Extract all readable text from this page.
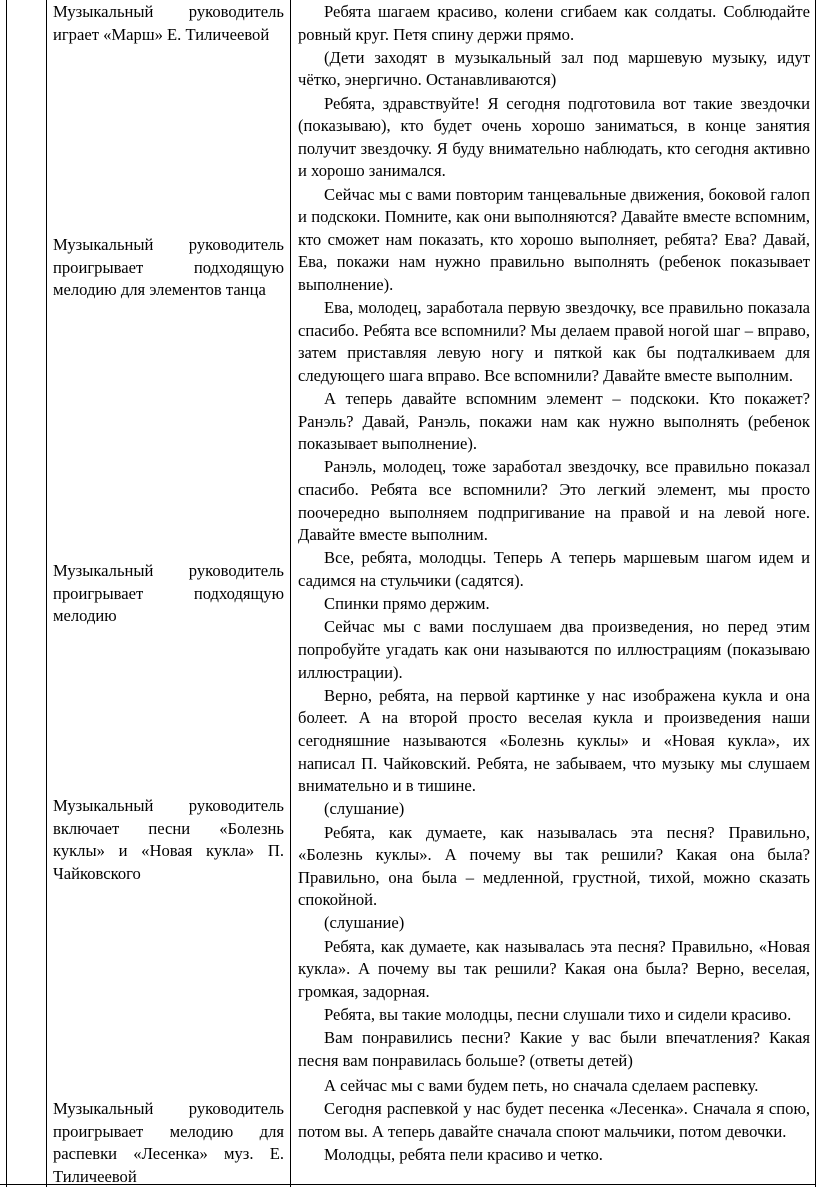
Музыкальный руководитель играет «Марш» Е. Тиличеевой
Музыкальный руководитель проигрывает подходящую мелодию для элементов танца
Музыкальный руководитель проигрывает подходящую мелодию
Музыкальный руководитель включает песни «Болезнь куклы» и «Новая кукла» П. Чайковского
Музыкальный руководитель проигрывает мелодию для распевки «Лесенка» муз. Е. Тиличеевой

Ребята шагаем красиво, колени сгибаем как солдаты. Соблюдайте ровный круг. Петя спину держи прямо.

(Дети заходят в музыкальный зал под маршевую музыку, идут чётко, энергично. Останавливаются)

Ребята, здравствуйте! Я сегодня подготовила вот такие звездочки (показываю), кто будет очень хорошо заниматься, в конце занятия получит звездочку. Я буду внимательно наблюдать, кто сегодня активно и хорошо занимался.

Сейчас мы с вами повторим танцевальные движения, боковой галоп и подскоки. Помните, как они выполняются? Давайте вместе вспомним, кто сможет нам показать, кто хорошо выполняет, ребята? Ева? Давай, Ева, покажи нам нужно правильно выполнять (ребенок показывает выполнение).

Ева, молодец, заработала первую звездочку, все правильно показала спасибо. Ребята все вспомнили? Мы делаем правой ногой шаг – вправо, затем приставляя левую ногу и пяткой как бы подталкиваем для следующего шага вправо. Все вспомнили? Давайте вместе выполним.

А теперь давайте вспомним элемент – подскоки. Кто покажет? Ранэль? Давай, Ранэль, покажи нам как нужно выполнять (ребенок показывает выполнение).

Ранэль, молодец, тоже заработал звездочку, все правильно показал спасибо. Ребята все вспомнили? Это легкий элемент, мы просто поочередно выполняем подпригивание на правой и на левой ноге. Давайте вместе выполним.

Все, ребята, молодцы. Теперь А теперь маршевым шагом идем и садимся на стульчики (садятся).

Спинки прямо держим.

Сейчас мы с вами послушаем два произведения, но перед этим попробуйте угадать как они называются по иллюстрациям (показываю иллюстрации).

Верно, ребята, на первой картинке у нас изображена кукла и она болеет. А на второй просто веселая кукла и произведения наши сегодняшние называются «Болезнь куклы» и «Новая кукла», их написал П. Чайковский. Ребята, не забываем, что музыку мы слушаем внимательно и в тишине.

(слушание)

Ребята, как думаете, как называлась эта песня? Правильно, «Болезнь куклы». А почему вы так решили? Какая она была? Правильно, она была – медленной, грустной, тихой, можно сказать спокойной.

(слушание)

Ребята, как думаете, как называлась эта песня? Правильно, «Новая кукла». А почему вы так решили? Какая она была? Верно, веселая, громкая, задорная.

Ребята, вы такие молодцы, песни слушали тихо и сидели красиво.

Вам понравились песни? Какие у вас были впечатления? Какая песня вам понравилась больше? (ответы детей)

А сейчас мы с вами будем петь, но сначала сделаем распевку.

Сегодня распевкой у нас будет песенка «Лесенка». Сначала я спою, потом вы. А теперь давайте сначала споют мальчики, потом девочки.

Молодцы, ребята пели красиво и четко.
